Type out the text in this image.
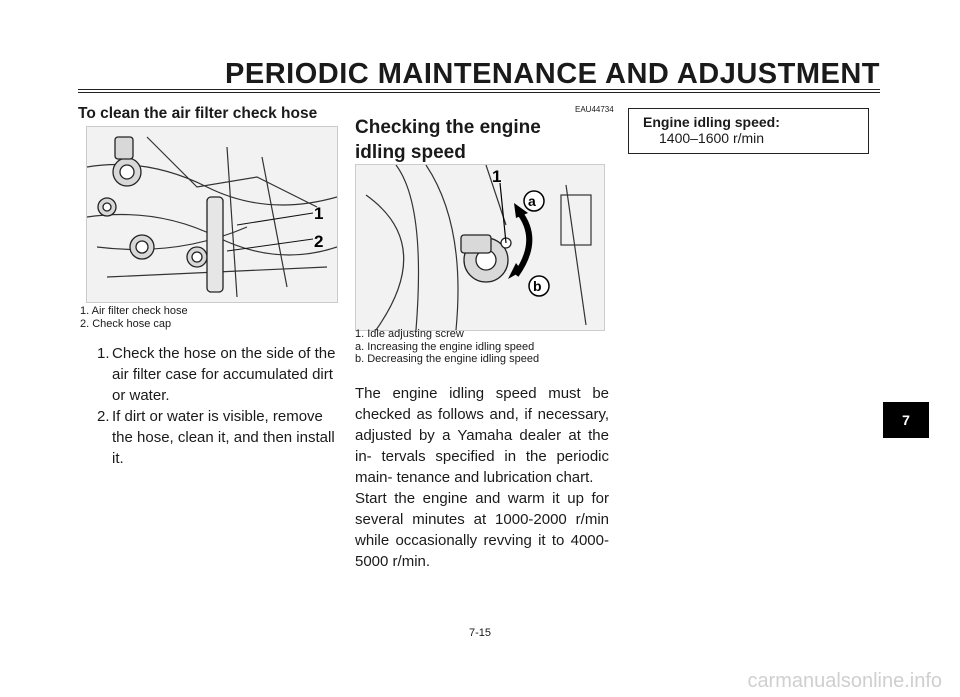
PERIODIC MAINTENANCE AND ADJUSTMENT
To clean the air filter check hose
1
2
1. Air filter check hose
2. Check hose cap
1. Check the hose on the side of the air filter case for accumulated dirt or water.
2. If dirt or water is visible, remove the hose, clean it, and then install it.
EAU44734
Checking the engine idling speed
1
a
b
1. Idle adjusting screw
a. Increasing the engine idling speed
b. Decreasing the engine idling speed
The engine idling speed must be checked as follows and, if necessary, adjusted by a Yamaha dealer at the in- tervals specified in the periodic main- tenance and lubrication chart.
Start the engine and warm it up for several minutes at 1000-2000 r/min while occasionally revving it to 4000- 5000 r/min.
Engine idling speed:
1400–1600 r/min
7
7-15
carmanualsonline.info
